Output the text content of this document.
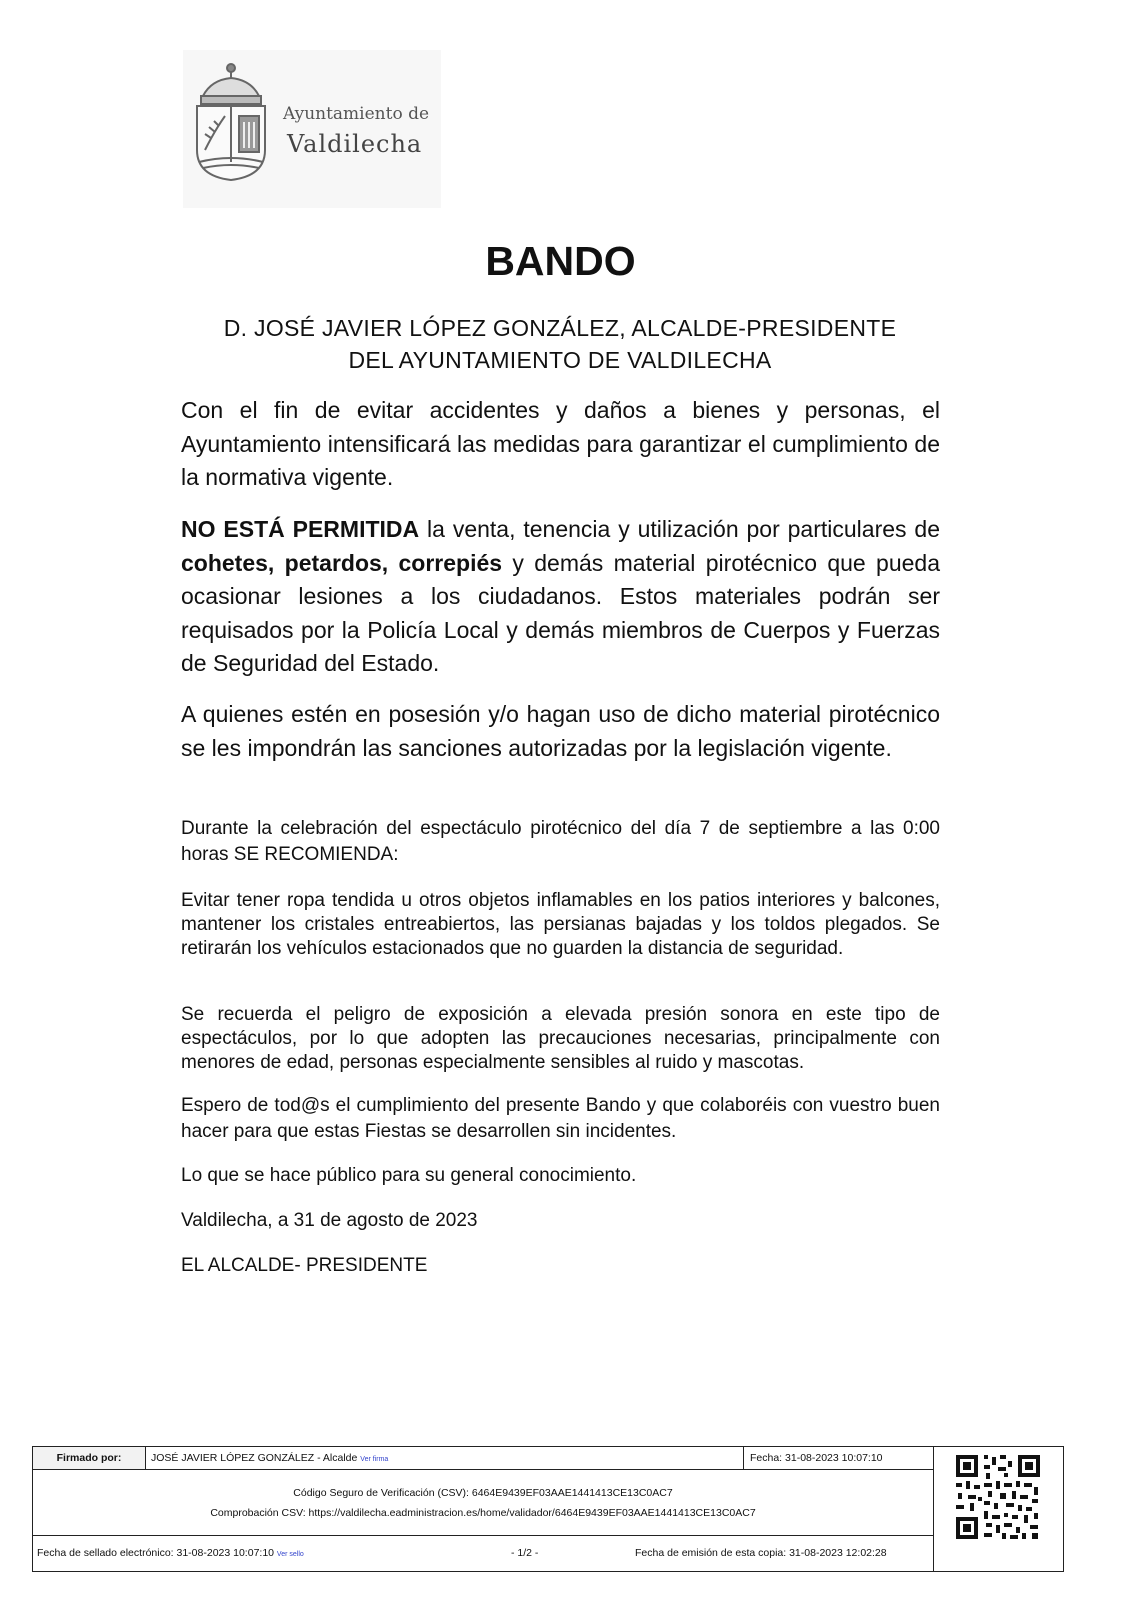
Ayuntamiento de
Valdilecha
BANDO
D. JOSÉ JAVIER LÓPEZ GONZÁLEZ, ALCALDE-PRESIDENTE
DEL AYUNTAMIENTO DE VALDILECHA

Con el fin de evitar accidentes y daños a bienes y personas, el Ayuntamiento intensificará las medidas para garantizar el cumplimiento de la normativa vigente.

NO ESTÁ PERMITIDA la venta, tenencia y utilización por particulares de cohetes, petardos, correpiés y demás material pirotécnico que pueda ocasionar lesiones a los ciudadanos. Estos materiales podrán ser requisados por la Policía Local y demás miembros de Cuerpos y Fuerzas de Seguridad del Estado.

A quienes estén en posesión y/o hagan uso de dicho material pirotécnico se les impondrán las sanciones autorizadas por la legislación vigente.

Durante la celebración del espectáculo pirotécnico del día 7 de septiembre a las 0:00 horas SE RECOMIENDA:

Evitar tener ropa tendida u otros objetos inflamables en los patios interiores y balcones, mantener los cristales entreabiertos, las persianas bajadas y los toldos plegados. Se retirarán los vehículos estacionados que no guarden la distancia de seguridad.

Se recuerda el peligro de exposición a elevada presión sonora en este tipo de espectáculos, por lo que adopten las precauciones necesarias, principalmente con menores de edad, personas especialmente sensibles al ruido y mascotas.

Espero de tod@s el cumplimiento del presente Bando y que colaboréis con vuestro buen hacer para que estas Fiestas se desarrollen sin incidentes.

Lo que se hace público para su general conocimiento.

Valdilecha, a 31 de agosto de 2023

EL ALCALDE- PRESIDENTE

Firmado por:	JOSÉ JAVIER LÓPEZ GONZÁLEZ - Alcalde Ver firma	Fecha: 31-08-2023 10:07:10
Código Seguro de Verificación (CSV): 6464E9439EF03AAE1441413CE13C0AC7
Comprobación CSV: https://valdilecha.eadministracion.es/home/validador/6464E9439EF03AAE1441413CE13C0AC7
Fecha de sellado electrónico: 31-08-2023 10:07:10 Ver sello	- 1/2 -	Fecha de emisión de esta copia: 31-08-2023 12:02:28
